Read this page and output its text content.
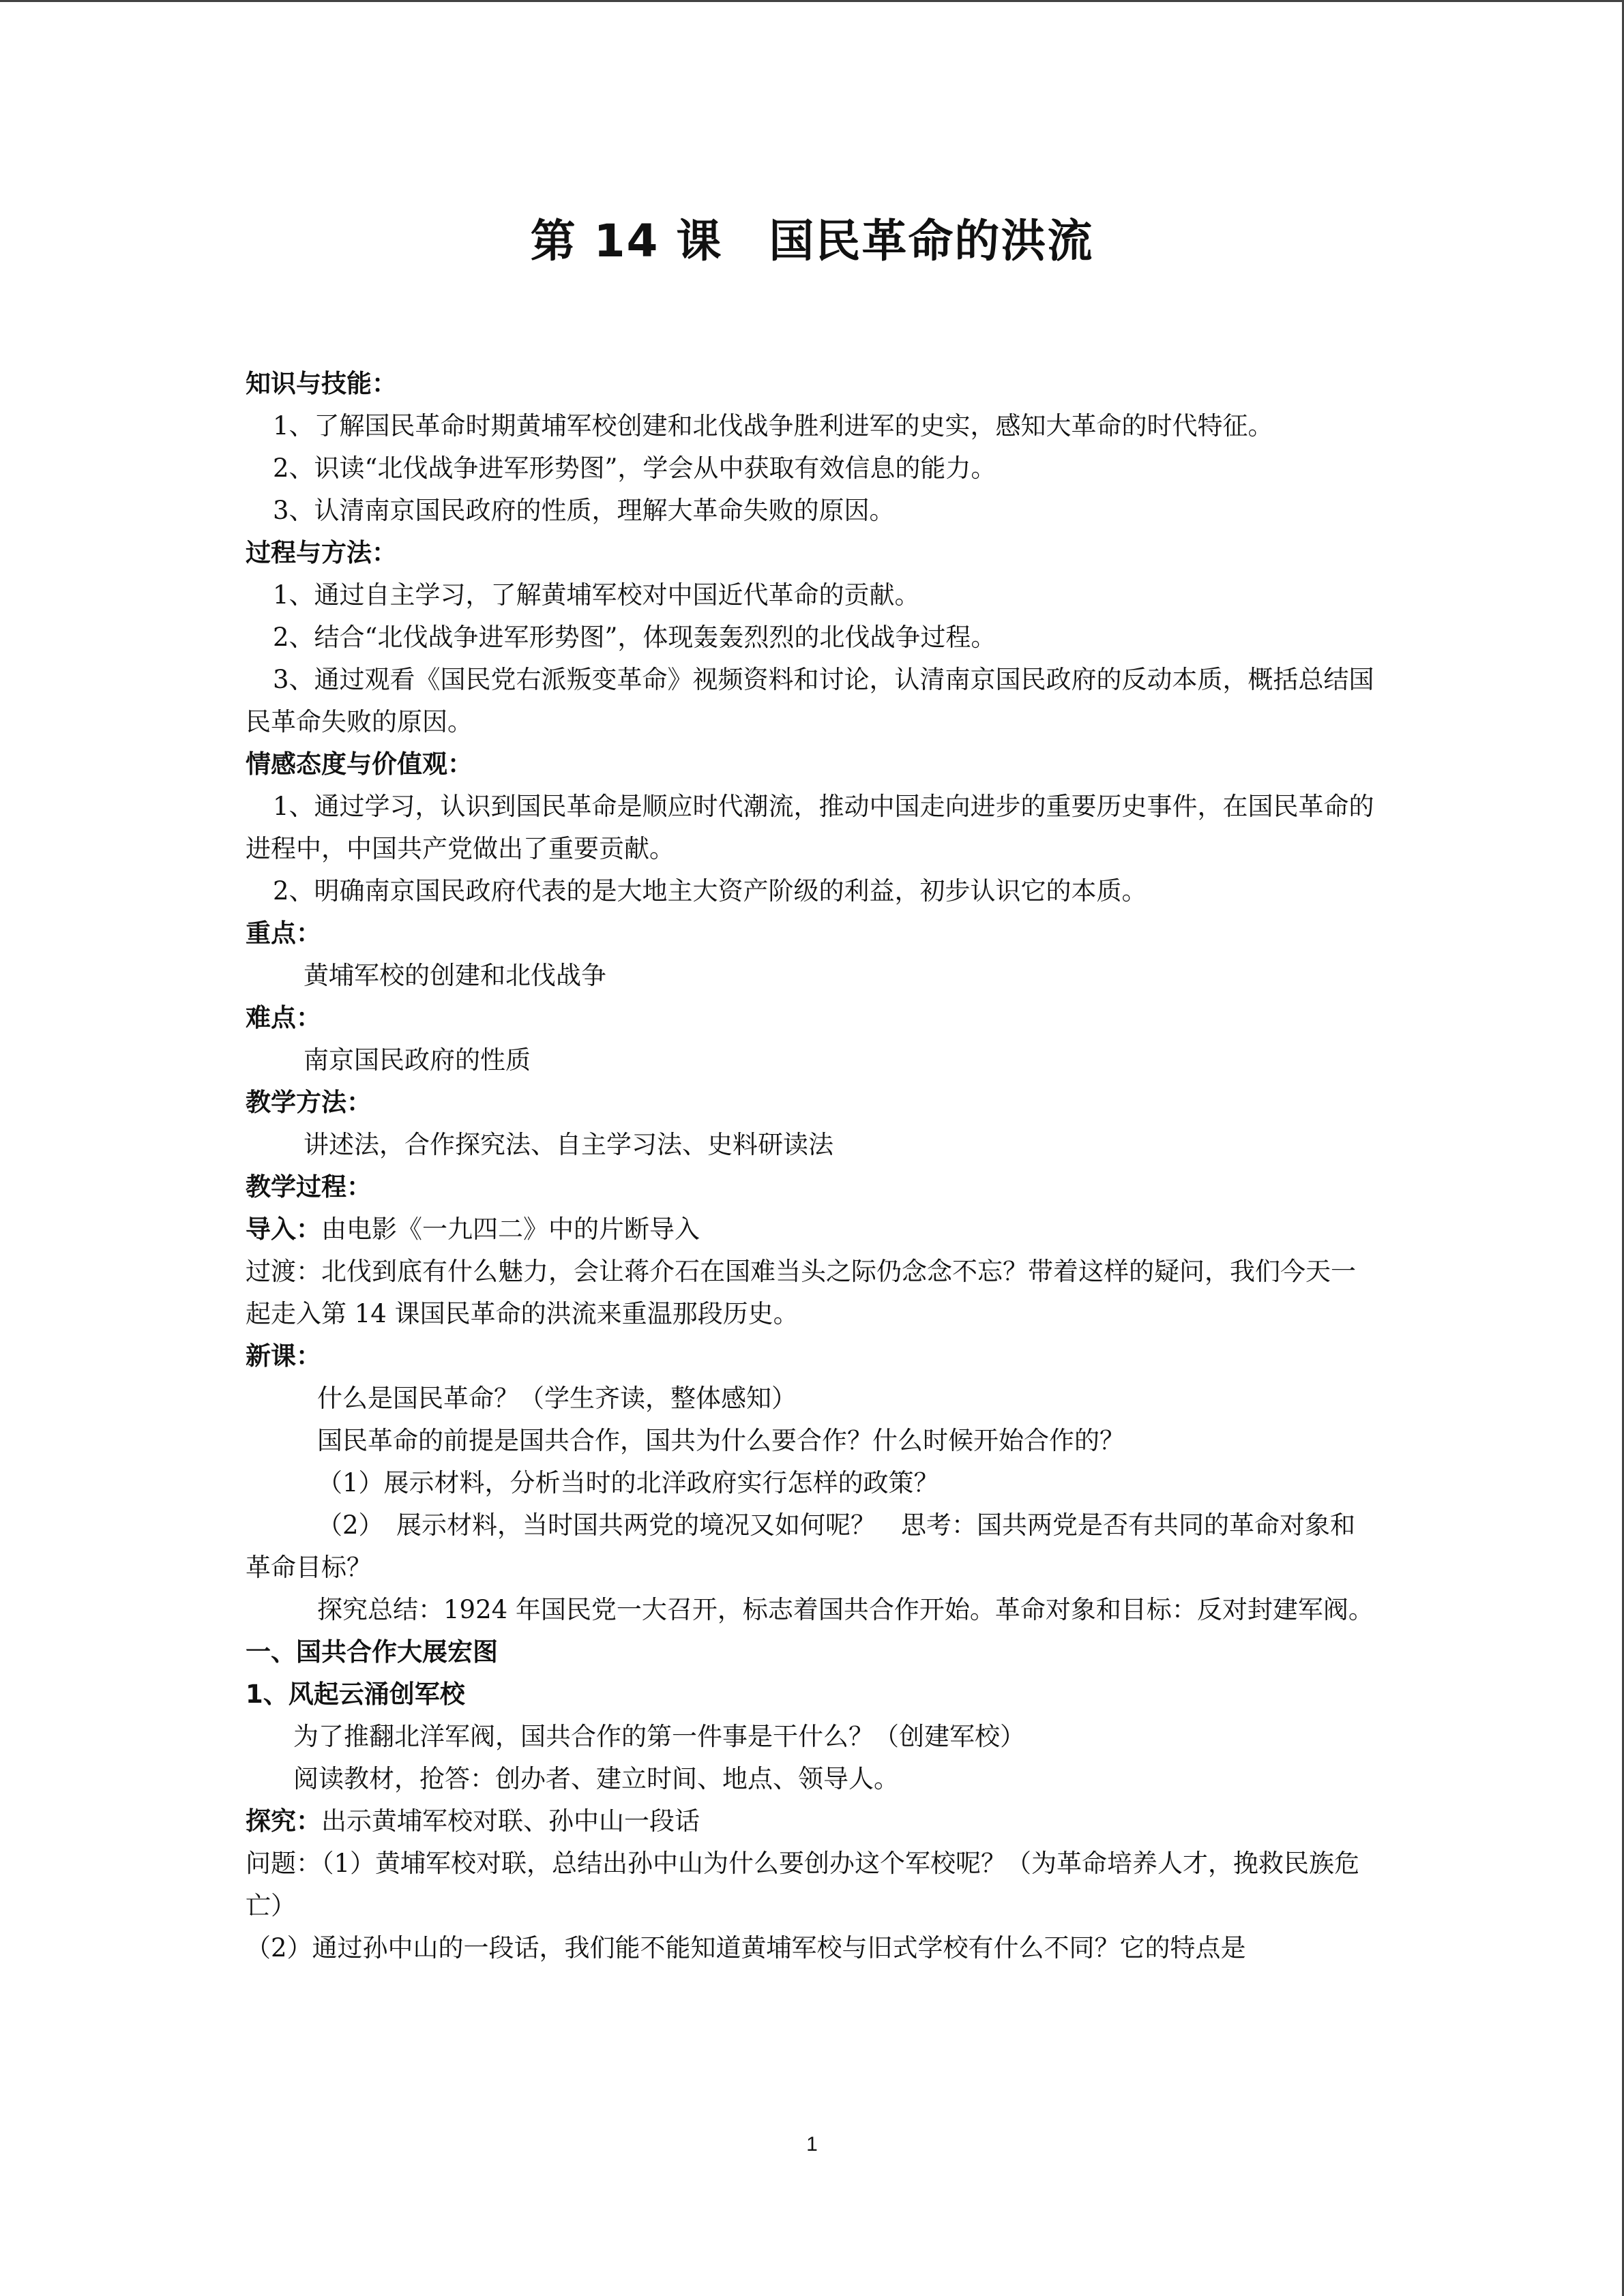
第 14 课　国民革命的洪流

知识与技能：

1、了解国民革命时期黄埔军校创建和北伐战争胜利进军的史实，感知大革命的时代特征。

2、识读“北伐战争进军形势图”，学会从中获取有效信息的能力。

3、认清南京国民政府的性质，理解大革命失败的原因。

过程与方法：

1、通过自主学习，了解黄埔军校对中国近代革命的贡献。

2、结合“北伐战争进军形势图”，体现轰轰烈烈的北伐战争过程。

3、通过观看《国民党右派叛变革命》视频资料和讨论，认清南京国民政府的反动本质，概括总结国民革命失败的原因。

情感态度与价值观：

1、通过学习，认识到国民革命是顺应时代潮流，推动中国走向进步的重要历史事件，在国民革命的进程中，中国共产党做出了重要贡献。

2、明确南京国民政府代表的是大地主大资产阶级的利益，初步认识它的本质。

重点：

黄埔军校的创建和北伐战争

难点：

南京国民政府的性质

教学方法：

讲述法，合作探究法、自主学习法、史料研读法

教学过程：

导入：由电影《一九四二》中的片断导入

过渡：北伐到底有什么魅力，会让蒋介石在国难当头之际仍念念不忘？带着这样的疑问，我们今天一起走入第 14 课国民革命的洪流来重温那段历史。

新课：

什么是国民革命？（学生齐读，整体感知）

国民革命的前提是国共合作，国共为什么要合作？什么时候开始合作的？

（1）展示材料，分析当时的北洋政府实行怎样的政策？

（2）　展示材料，当时国共两党的境况又如何呢？　思考：国共两党是否有共同的革命对象和革命目标？

探究总结：1924 年国民党一大召开，标志着国共合作开始。革命对象和目标：反对封建军阀。

一、国共合作大展宏图

1、风起云涌创军校

为了推翻北洋军阀，国共合作的第一件事是干什么？（创建军校）

阅读教材，抢答：创办者、建立时间、地点、领导人。

探究：出示黄埔军校对联、孙中山一段话

问题：（1）黄埔军校对联，总结出孙中山为什么要创办这个军校呢？（为革命培养人才，挽救民族危亡）

（2）通过孙中山的一段话，我们能不能知道黄埔军校与旧式学校有什么不同？它的特点是

1
